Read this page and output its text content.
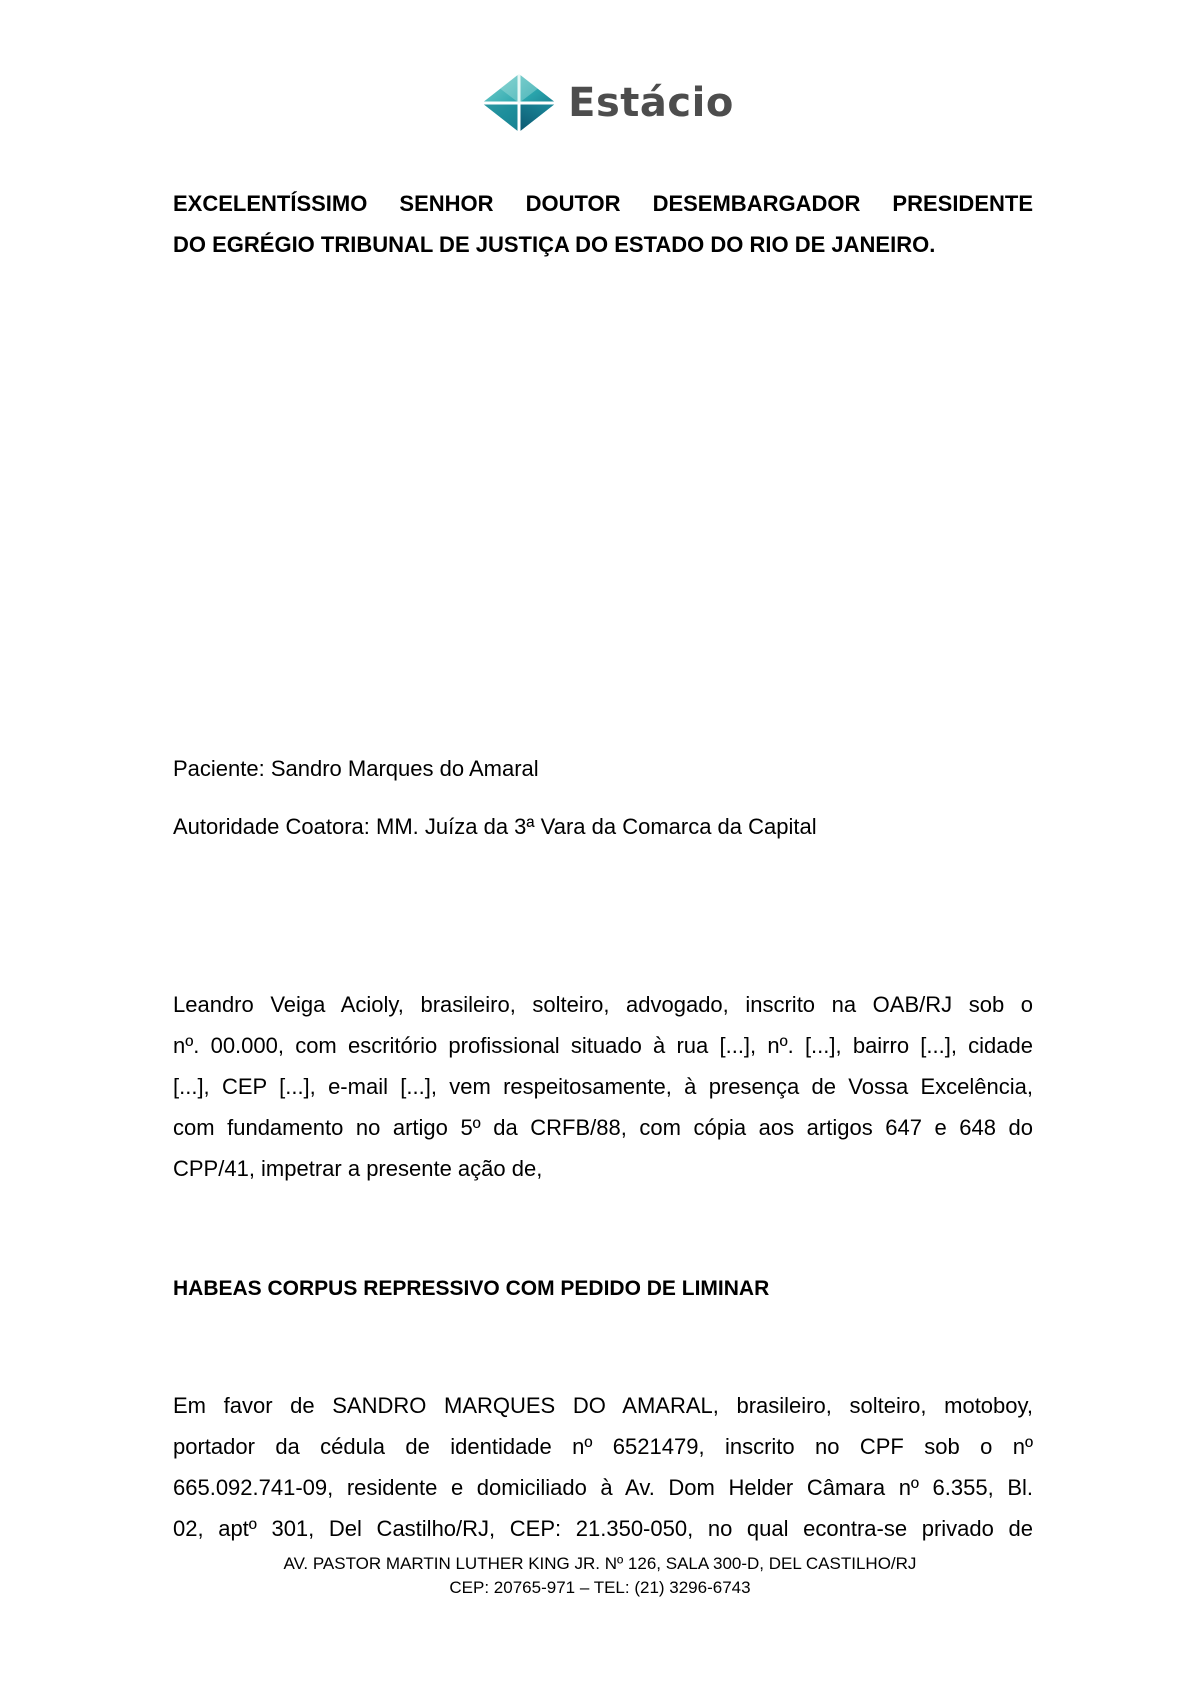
Estácio
EXCELENTÍSSIMO SENHOR DOUTOR DESEMBARGADOR PRESIDENTE
DO EGRÉGIO TRIBUNAL DE JUSTIÇA DO ESTADO DO RIO DE JANEIRO.
Paciente: Sandro Marques do Amaral
Autoridade Coatora: MM. Juíza da 3ª Vara da Comarca da Capital
Leandro Veiga Acioly, brasileiro, solteiro, advogado, inscrito na OAB/RJ sob o
nº. 00.000, com escritório profissional situado à rua [...], nº. [...], bairro [...], cidade
[...], CEP [...], e-mail [...], vem respeitosamente, à presença de Vossa Excelência,
com fundamento no artigo 5º da CRFB/88, com cópia aos artigos 647 e 648 do
CPP/41, impetrar a presente ação de,
HABEAS CORPUS REPRESSIVO COM PEDIDO DE LIMINAR
Em favor de SANDRO MARQUES DO AMARAL, brasileiro, solteiro, motoboy,
portador da cédula de identidade nº 6521479, inscrito no CPF sob o nº
665.092.741-09, residente e domiciliado à Av. Dom Helder Câmara nº 6.355, Bl.
02, aptº 301, Del Castilho/RJ, CEP: 21.350-050, no qual econtra-se privado de
AV. PASTOR MARTIN LUTHER KING JR. Nº 126, SALA 300-D, DEL CASTILHO/RJ
CEP: 20765-971 – TEL: (21) 3296-6743
